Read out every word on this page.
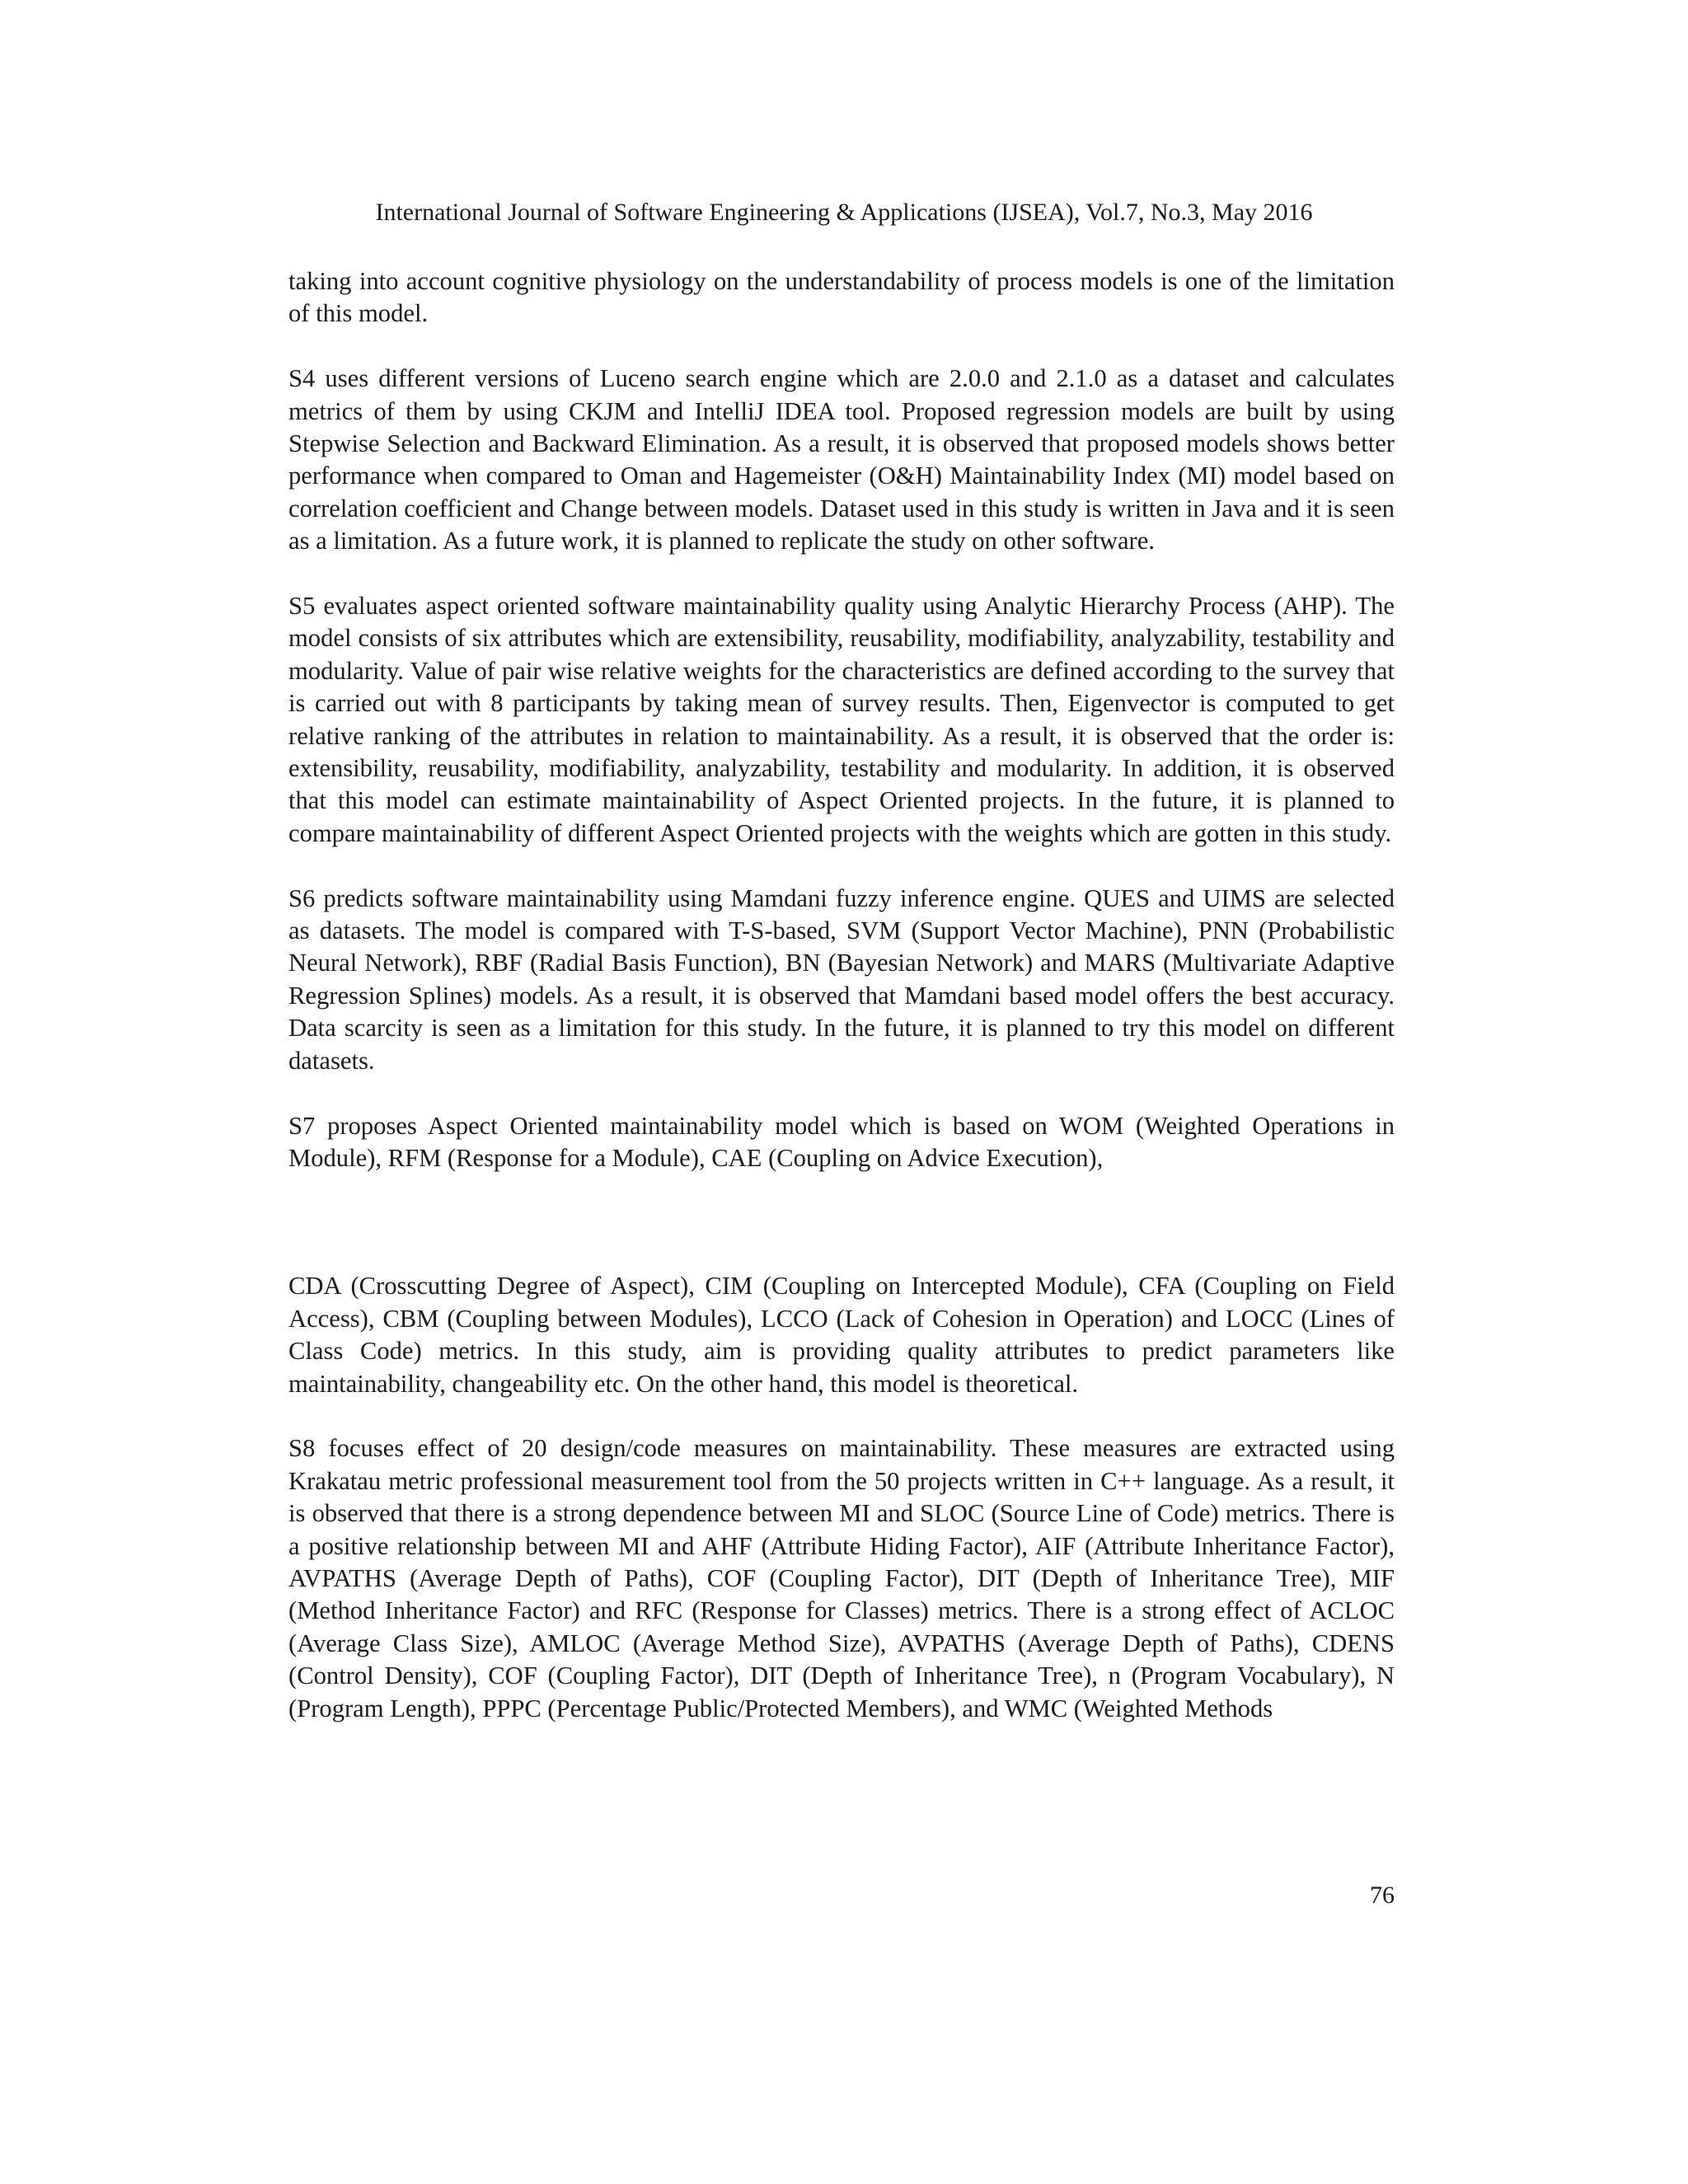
International Journal of Software Engineering & Applications (IJSEA), Vol.7, No.3, May 2016

taking into account cognitive physiology on the understandability of process models is one of the limitation of this model.

S4 uses different versions of Luceno search engine which are 2.0.0 and 2.1.0 as a dataset and calculates metrics of them by using CKJM and IntelliJ IDEA tool. Proposed regression models are built by using Stepwise Selection and Backward Elimination. As a result, it is observed that proposed models shows better performance when compared to Oman and Hagemeister (O&H) Maintainability Index (MI) model based on correlation coefficient and Change between models. Dataset used in this study is written in Java and it is seen as a limitation. As a future work, it is planned to replicate the study on other software.

S5 evaluates aspect oriented software maintainability quality using Analytic Hierarchy Process (AHP). The model consists of six attributes which are extensibility, reusability, modifiability, analyzability, testability and modularity. Value of pair wise relative weights for the characteristics are defined according to the survey that is carried out with 8 participants by taking mean of survey results. Then, Eigenvector is computed to get relative ranking of the attributes in relation to maintainability. As a result, it is observed that the order is: extensibility, reusability, modifiability, analyzability, testability and modularity. In addition, it is observed that this model can estimate maintainability of Aspect Oriented projects. In the future, it is planned to compare maintainability of different Aspect Oriented projects with the weights which are gotten in this study.

S6 predicts software maintainability using Mamdani fuzzy inference engine. QUES and UIMS are selected as datasets. The model is compared with T-S-based, SVM (Support Vector Machine), PNN (Probabilistic Neural Network), RBF (Radial Basis Function), BN (Bayesian Network) and MARS (Multivariate Adaptive Regression Splines) models. As a result, it is observed that Mamdani based model offers the best accuracy. Data scarcity is seen as a limitation for this study. In the future, it is planned to try this model on different datasets.

S7 proposes Aspect Oriented maintainability model which is based on WOM (Weighted Operations in Module), RFM (Response for a Module), CAE (Coupling on Advice Execution),

CDA (Crosscutting Degree of Aspect), CIM (Coupling on Intercepted Module), CFA (Coupling on Field Access), CBM (Coupling between Modules), LCCO (Lack of Cohesion in Operation) and LOCC (Lines of Class Code) metrics. In this study, aim is providing quality attributes to predict parameters like maintainability, changeability etc. On the other hand, this model is theoretical.

S8 focuses effect of 20 design/code measures on maintainability. These measures are extracted using Krakatau metric professional measurement tool from the 50 projects written in C++ language. As a result, it is observed that there is a strong dependence between MI and SLOC (Source Line of Code) metrics. There is a positive relationship between MI and AHF (Attribute Hiding Factor), AIF (Attribute Inheritance Factor), AVPATHS (Average Depth of Paths), COF (Coupling Factor), DIT (Depth of Inheritance Tree), MIF (Method Inheritance Factor) and RFC (Response for Classes) metrics. There is a strong effect of ACLOC (Average Class Size), AMLOC (Average Method Size), AVPATHS (Average Depth of Paths), CDENS (Control Density), COF (Coupling Factor), DIT (Depth of Inheritance Tree), n (Program Vocabulary), N (Program Length), PPPC (Percentage Public/Protected Members), and WMC (Weighted Methods

76
